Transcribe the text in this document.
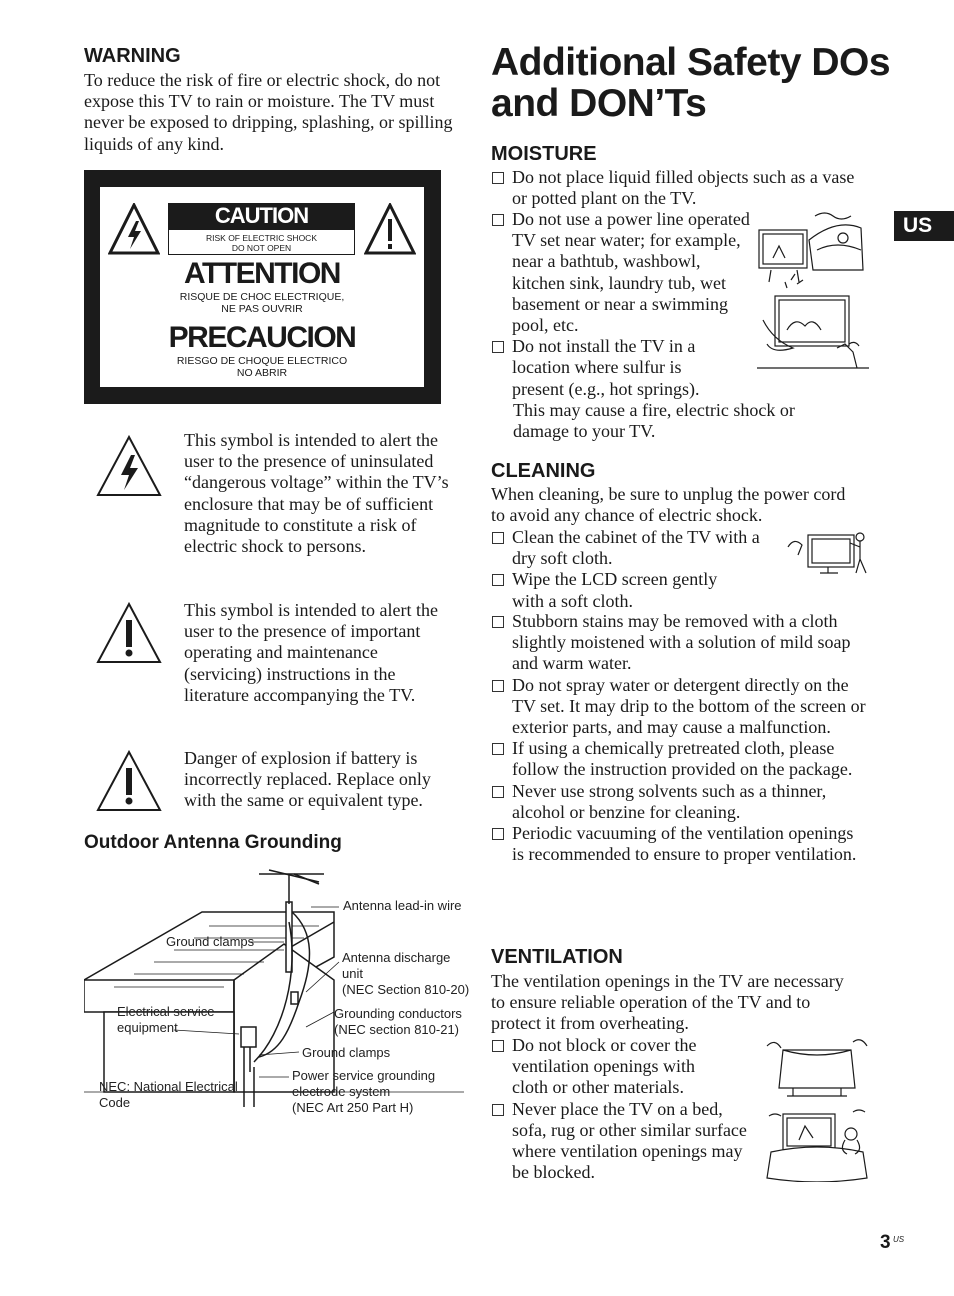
WARNING
To reduce the risk of fire or electric shock, do not expose this TV to rain or moisture. The TV must never be exposed to dripping, splashing, or spilling liquids of any kind.
CAUTION
RISK OF ELECTRIC SHOCK
DO NOT OPEN
ATTENTION
RISQUE DE CHOC ELECTRIQUE,
NE PAS OUVRIR
PRECAUCION
RIESGO DE CHOQUE ELECTRICO
NO ABRIR
This symbol is intended to alert the user to the presence of uninsulated “dangerous voltage” within the TV’s enclosure that may be of sufficient magnitude to constitute a risk of electric shock to persons.
This symbol is intended to alert the user to the presence of important operating and maintenance (servicing) instructions in the literature accompanying the TV.
Danger of explosion if battery is incorrectly replaced. Replace only with the same or equivalent type.
Outdoor Antenna Grounding
Antenna lead-in wire
Ground clamps
Antenna discharge
unit
(NEC Section 810-20)
Electrical service
equipment
Grounding conductors
(NEC section 810-21)
Ground clamps
NEC: National Electrical
Code
Power service grounding
electrode system
(NEC Art 250 Part H)
Additional Safety DOs and DON’Ts
MOISTURE
Do not place liquid filled objects such as a vase or potted plant on the TV.
Do not use a power line operated TV set near water; for example, near a bathtub, washbowl, kitchen sink, laundry tub, wet basement or near a swimming pool, etc.
Do not install the TV in a location where sulfur is present (e.g., hot springs).
This may cause a fire, electric shock or damage to your TV.
CLEANING
When cleaning, be sure to unplug the power cord to avoid any chance of electric shock.
Clean the cabinet of the TV with a dry soft cloth.
Wipe the LCD screen gently with a soft cloth.
Stubborn stains may be removed with a cloth slightly moistened with a solution of mild soap and warm water.
Do not spray water or detergent directly on the TV set. It may drip to the bottom of the screen or exterior parts, and may cause a malfunction.
If using a chemically pretreated cloth, please follow the instruction provided on the package.
Never use strong solvents such as a thinner, alcohol or benzine for cleaning.
Periodic vacuuming of the ventilation openings is recommended to ensure to proper ventilation.
VENTILATION
The ventilation openings in the TV are necessary to ensure reliable operation of the TV and to protect it from overheating.
Do not block or cover the ventilation openings with cloth or other materials.
Never place the TV on a bed, sofa, rug or other similar surface where ventilation openings may be blocked.
US
3 US
